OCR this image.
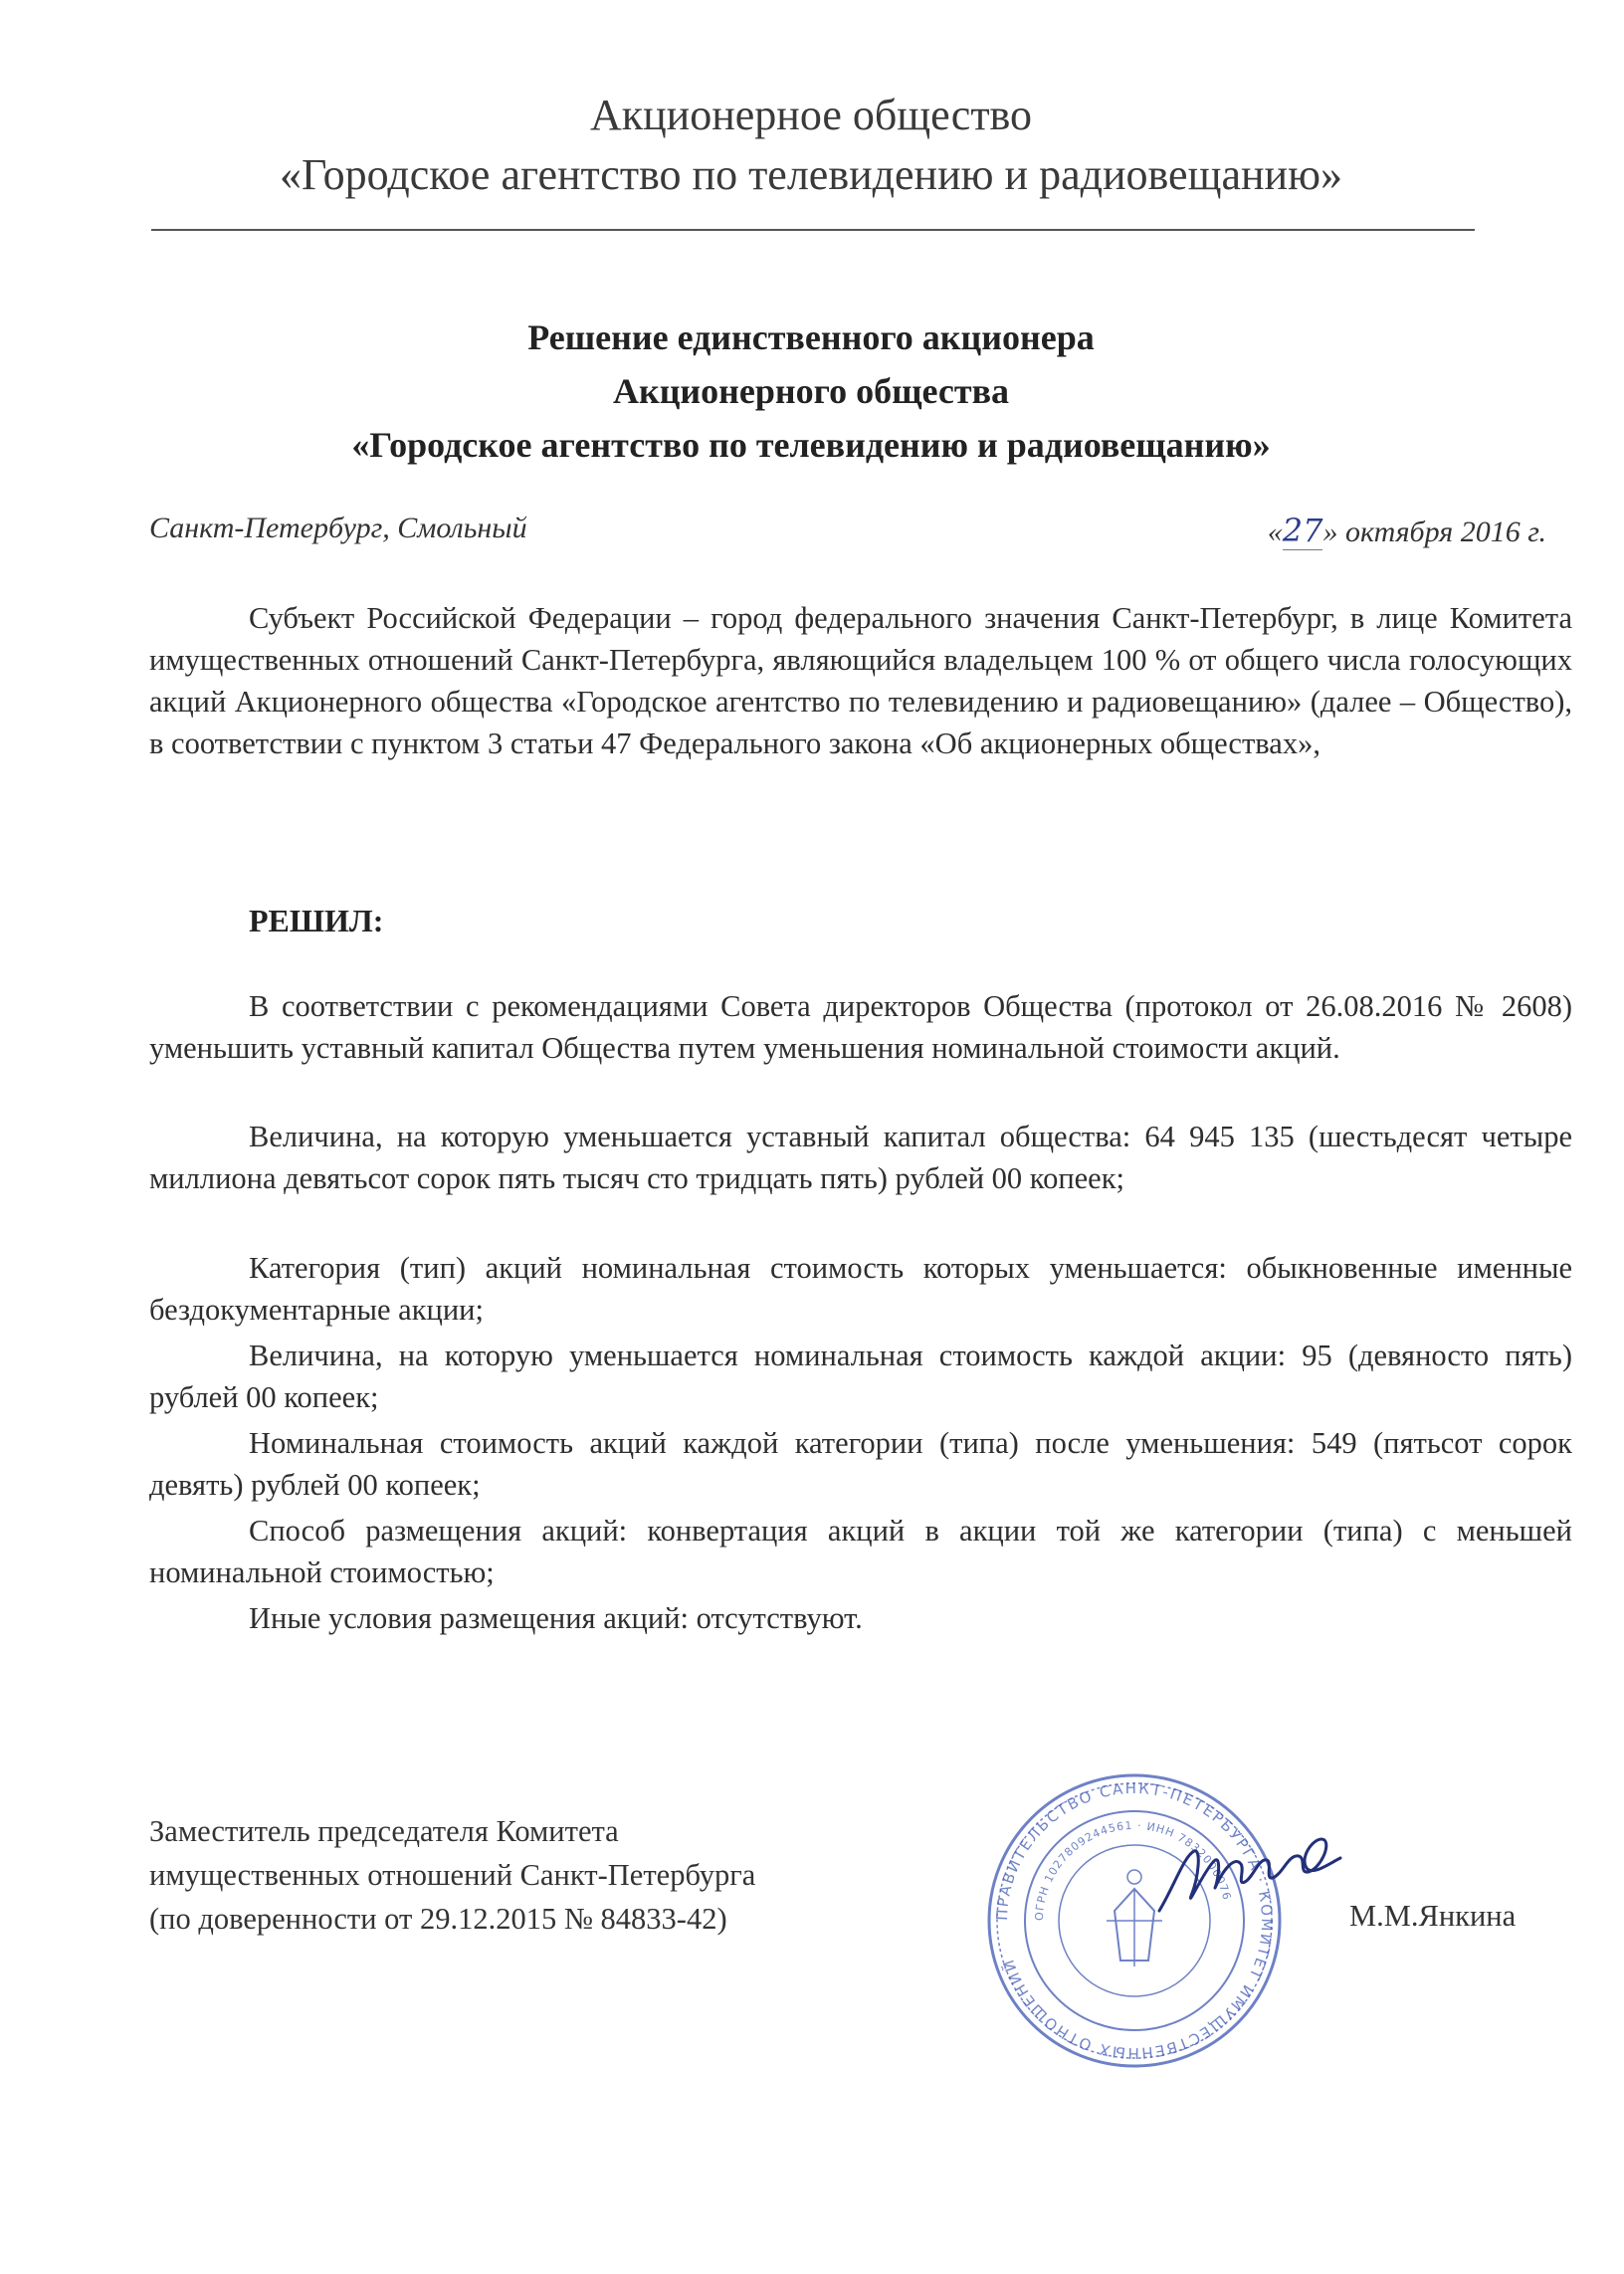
Акционерное общество
«Городское агентство по телевидению и радиовещанию»
Решение единственного акционера
Акционерного общества
«Городское агентство по телевидению и радиовещанию»
Санкт-Петербург, Смольный	«27» октября 2016 г.

Субъект Российской Федерации – город федерального значения Санкт-Петербург, в лице Комитета имущественных отношений Санкт-Петербурга, являющийся владельцем 100 % от общего числа голосующих акций Акционерного общества «Городское агентство по телевидению и радиовещанию» (далее – Общество), в соответствии с пунктом 3 статьи 47 Федерального закона «Об акционерных обществах»,

РЕШИЛ:

В соответствии с рекомендациями Совета директоров Общества (протокол от 26.08.2016 № 2608) уменьшить уставный капитал Общества путем уменьшения номинальной стоимости акций.

Величина, на которую уменьшается уставный капитал общества: 64 945 135 (шестьдесят четыре миллиона девятьсот сорок пять тысяч сто тридцать пять) рублей 00 копеек;

Категория (тип) акций номинальная стоимость которых уменьшается: обыкновенные именные бездокументарные акции;

Величина, на которую уменьшается номинальная стоимость каждой акции: 95 (девяносто пять) рублей 00 копеек;

Номинальная стоимость акций каждой категории (типа) после уменьшения: 549 (пятьсот сорок девять) рублей 00 копеек;

Способ размещения акций: конвертация акций в акции той же категории (типа) с меньшей номинальной стоимостью;

Иные условия размещения акций: отсутствуют.

Заместитель председателя Комитета
имущественных отношений Санкт-Петербурга
(по доверенности от 29.12.2015 № 84833-42)	ПРАВИТЕЛЬСТВО САНКТ-ПЕТЕРБУРГА · КОМИТЕТ ИМУЩЕСТВЕННЫХ ОТНОШЕНИЙ
ОГРН 1027809244561 · ИНН 7832000076
М.М.Янкина
